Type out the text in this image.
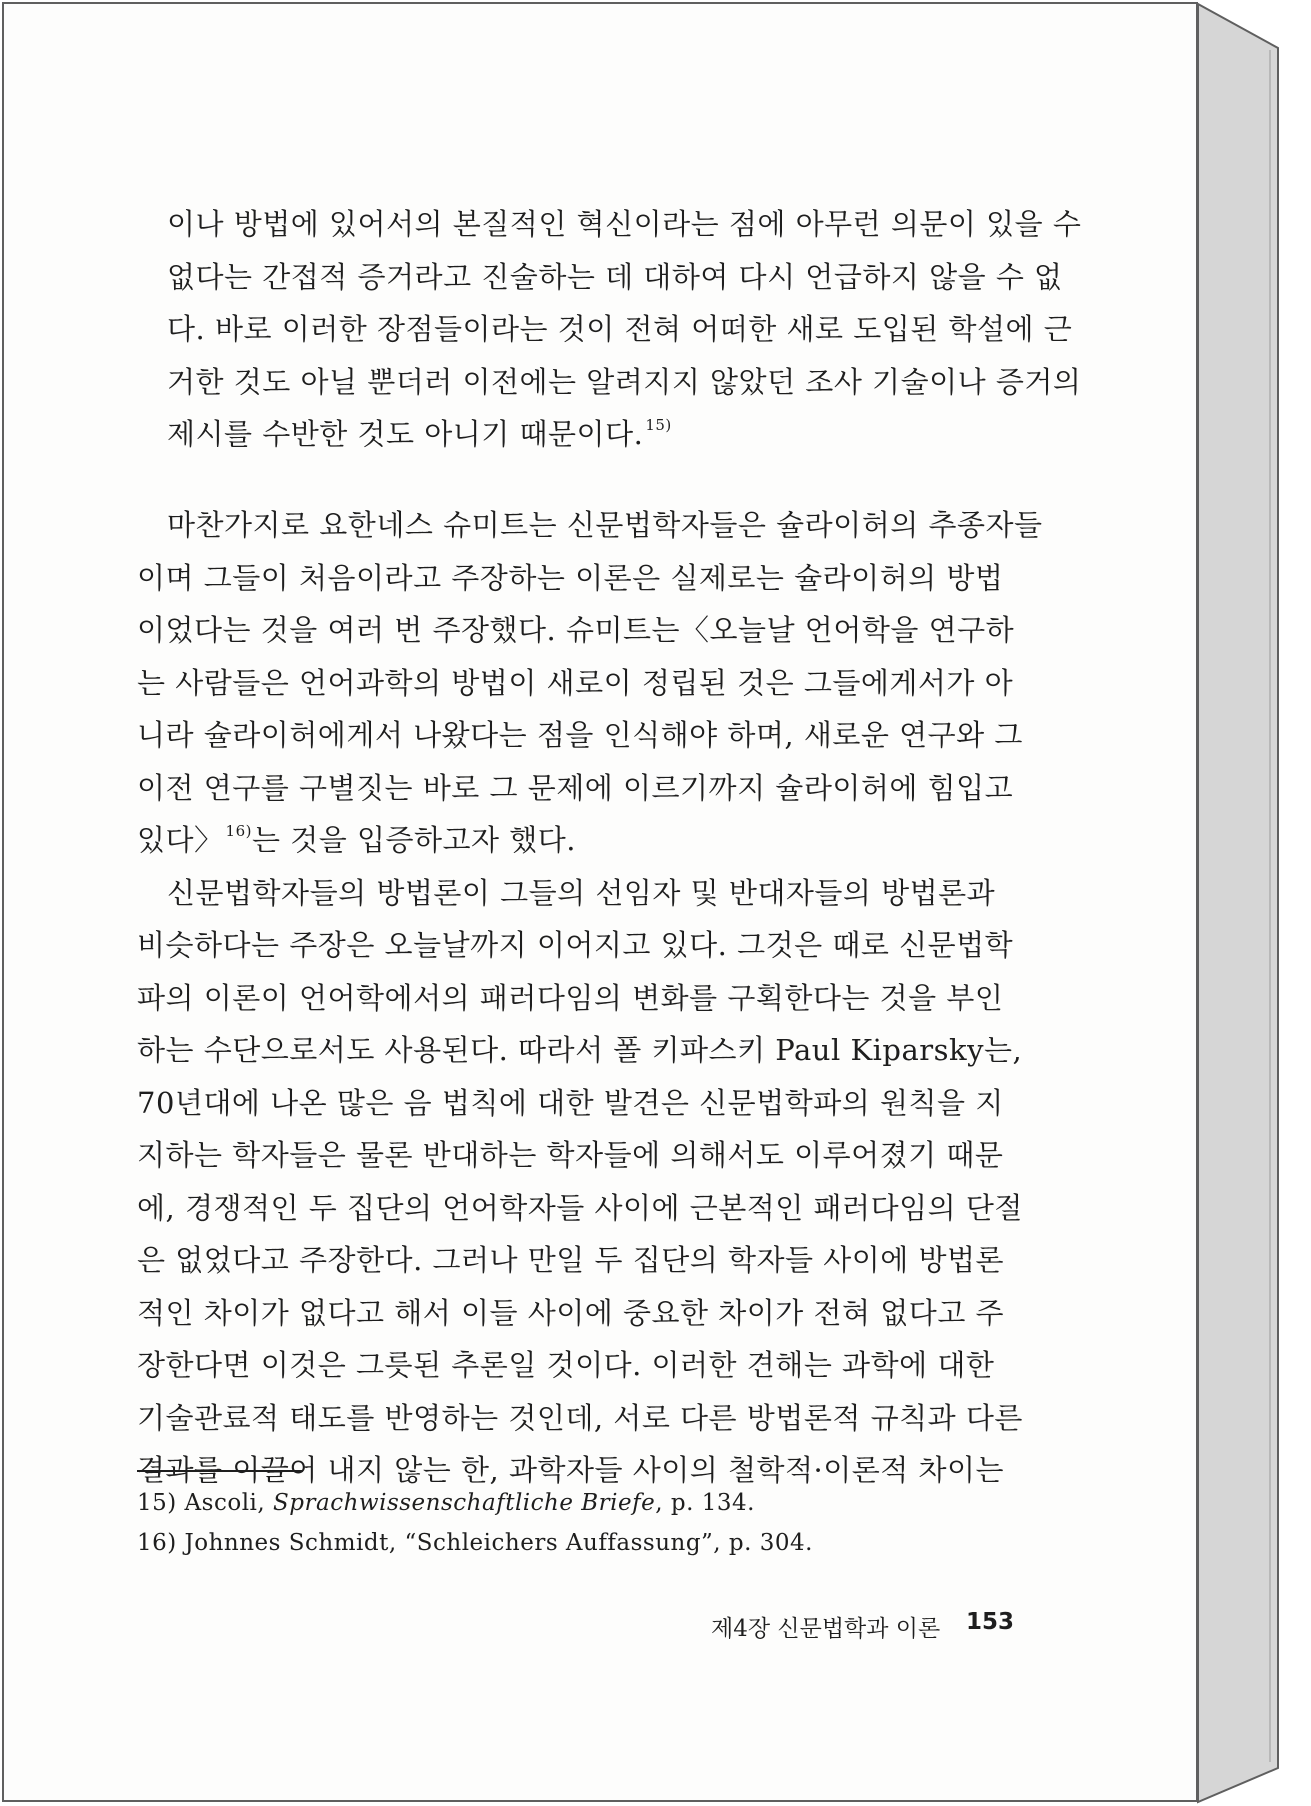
이나 방법에 있어서의 본질적인 혁신이라는 점에 아무런 의문이 있을 수
없다는 간접적 증거라고 진술하는 데 대하여 다시 언급하지 않을 수 없
다. 바로 이러한 장점들이라는 것이 전혀 어떠한 새로 도입된 학설에 근
거한 것도 아닐 뿐더러 이전에는 알려지지 않았던 조사 기술이나 증거의
제시를 수반한 것도 아니기 때문이다. $^{15)}$
마찬가지로 요한네스 슈미트는 신문법학자들은 슐라이허의 추종자들
이며 그들이 처음이라고 주장하는 이론은 실제로는 슐라이허의 방법
이었다는 것을 여러 번 주장했다. 슈미트는〈오늘날 언어학을 연구하
는 사람들은 언어과학의 방법이 새로이 정립된 것은 그들에게서가 아
니라 슐라이허에게서 나왔다는 점을 인식해야 하며, 새로운 연구와 그
이전 연구를 구별짓는 바로 그 문제에 이르기까지 슐라이허에 힘입고
있다〉 $^{16)}$는 것을 입증하고자 했다.
신문법학자들의 방법론이 그들의 선임자 및 반대자들의 방법론과
비슷하다는 주장은 오늘날까지 이어지고 있다. 그것은 때로 신문법학
파의 이론이 언어학에서의 패러다임의 변화를 구획한다는 것을 부인
하는 수단으로서도 사용된다. 따라서 폴 키파스키 Paul Kiparsky는,
70년대에 나온 많은 음 법칙에 대한 발견은 신문법학파의 원칙을 지
지하는 학자들은 물론 반대하는 학자들에 의해서도 이루어졌기 때문
에, 경쟁적인 두 집단의 언어학자들 사이에 근본적인 패러다임의 단절
은 없었다고 주장한다. 그러나 만일 두 집단의 학자들 사이에 방법론
적인 차이가 없다고 해서 이들 사이에 중요한 차이가 전혀 없다고 주
장한다면 이것은 그릇된 추론일 것이다. 이러한 견해는 과학에 대한
기술관료적 태도를 반영하는 것인데, 서로 다른 방법론적 규칙과 다른
결과를 이끌어 내지 않는 한, 과학자들 사이의 철학적·이론적 차이는
15) Ascoli, Sprachwissenschaftliche Briefe, p. 134.
16) Johnnes Schmidt, “Schleichers Auffassung”, p. 304.
제4장 신문법학과 이론 153
